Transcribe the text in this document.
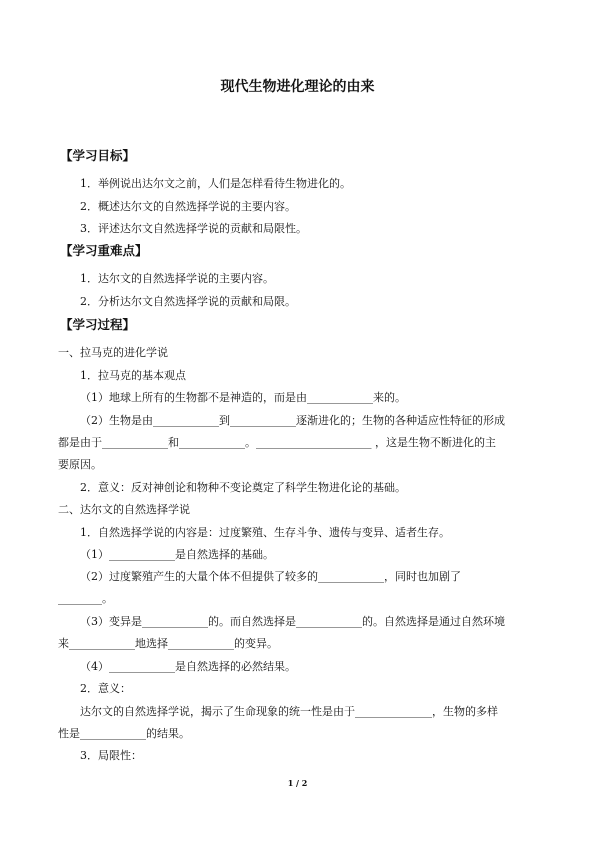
现代生物进化理论的由来
【学习目标】
1．举例说出达尔文之前，人们是怎样看待生物进化的。
2．概述达尔文的自然选择学说的主要内容。
3．评述达尔文自然选择学说的贡献和局限性。
【学习重难点】
1．达尔文的自然选择学说的主要内容。
2．分析达尔文自然选择学说的贡献和局限。
【学习过程】
一、拉马克的进化学说
1．拉马克的基本观点
（1）地球上所有的生物都不是神造的，而是由____________来的。
（2）生物是由____________到____________逐渐进化的；生物的各种适应性特征的形成
都是由于____________和____________。_____________________ ，这是生物不断进化的主
要原因。
2．意义：反对神创论和物种不变论奠定了科学生物进化论的基础。
二、达尔文的自然选择学说
1．自然选择学说的内容是：过度繁殖、生存斗争、遗传与变异、适者生存。
（1）____________是自然选择的基础。
（2）过度繁殖产生的大量个体不但提供了较多的____________，同时也加剧了
________。
（3）变异是____________的。而自然选择是____________的。自然选择是通过自然环境
来____________地选择____________的变异。
（4）____________是自然选择的必然结果。
2．意义：
达尔文的自然选择学说，揭示了生命现象的统一性是由于______________，生物的多样
性是____________的结果。
3．局限性：
1 / 2
